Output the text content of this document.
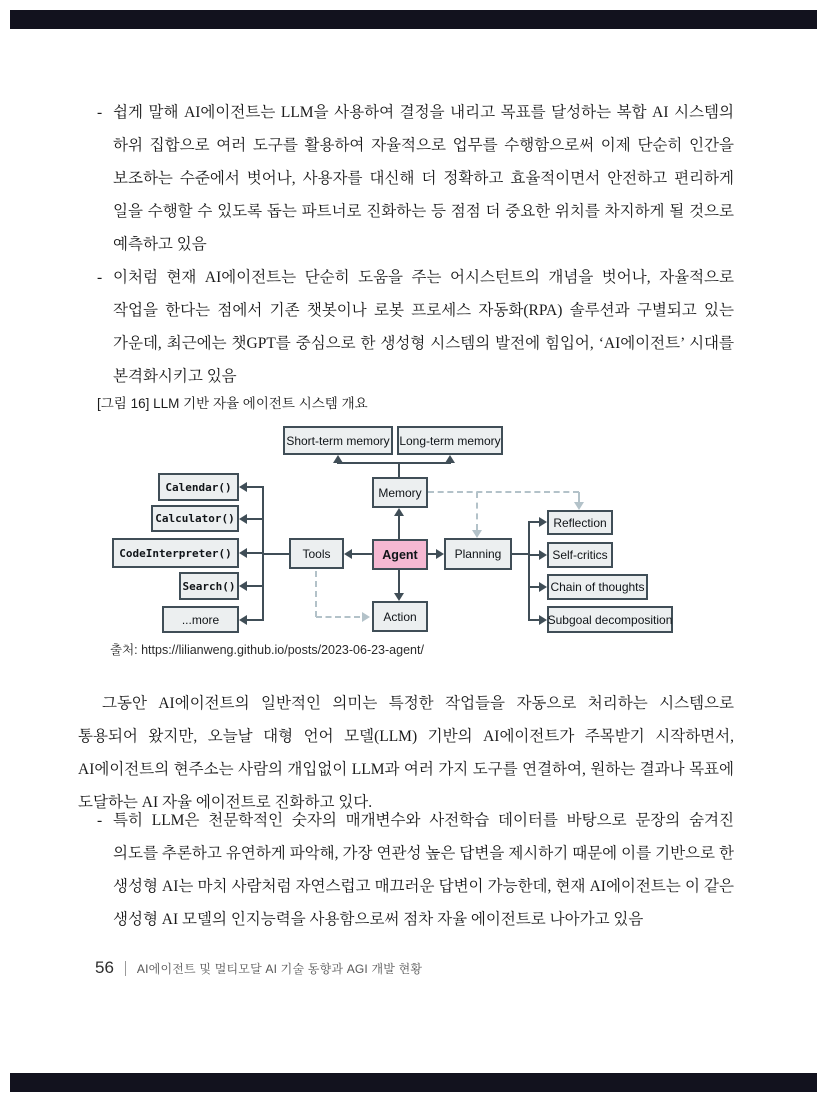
- 쉽게 말해 AI에이전트는 LLM을 사용하여 결정을 내리고 목표를 달성하는 복합 AI 시스템의 하위 집합으로 여러 도구를 활용하여 자율적으로 업무를 수행함으로써 이제 단순히 인간을 보조하는 수준에서 벗어나, 사용자를 대신해 더 정확하고 효율적이면서 안전하고 편리하게 일을 수행할 수 있도록 돕는 파트너로 진화하는 등 점점 더 중요한 위치를 차지하게 될 것으로 예측하고 있음
- 이처럼 현재 AI에이전트는 단순히 도움을 주는 어시스턴트의 개념을 벗어나, 자율적으로 작업을 한다는 점에서 기존 챗봇이나 로봇 프로세스 자동화(RPA) 솔루션과 구별되고 있는 가운데, 최근에는 챗GPT를 중심으로 한 생성형 시스템의 발전에 힘입어, ‘AI에이전트’ 시대를 본격화시키고 있음
[그림 16] LLM 기반 자율 에이전트 시스템 개요
Short-term memory Long-term memory
Memory
Tools	Agent	Planning
Action
Calendar()
Calculator()
CodeInterpreter()
Search()
...more
Reflection
Self-critics
Chain of thoughts
Subgoal decomposition
출처: https://lilianweng.github.io/posts/2023-06-23-agent/
그동안 AI에이전트의 일반적인 의미는 특정한 작업들을 자동으로 처리하는 시스템으로 통용되어 왔지만, 오늘날 대형 언어 모델(LLM) 기반의 AI에이전트가 주목받기 시작하면서, AI에이전트의 현주소는 사람의 개입없이 LLM과 여러 가지 도구를 연결하여, 원하는 결과나 목표에 도달하는 AI 자율 에이전트로 진화하고 있다.
- 특히 LLM은 천문학적인 숫자의 매개변수와 사전학습 데이터를 바탕으로 문장의 숨겨진 의도를 추론하고 유연하게 파악해, 가장 연관성 높은 답변을 제시하기 때문에 이를 기반으로 한 생성형 AI는 마치 사람처럼 자연스럽고 매끄러운 답변이 가능한데, 현재 AI에이전트는 이 같은 생성형 AI 모델의 인지능력을 사용함으로써 점차 자율 에이전트로 나아가고 있음
56 AI에이전트 및 멀티모달 AI 기술 동향과 AGI 개발 현황
